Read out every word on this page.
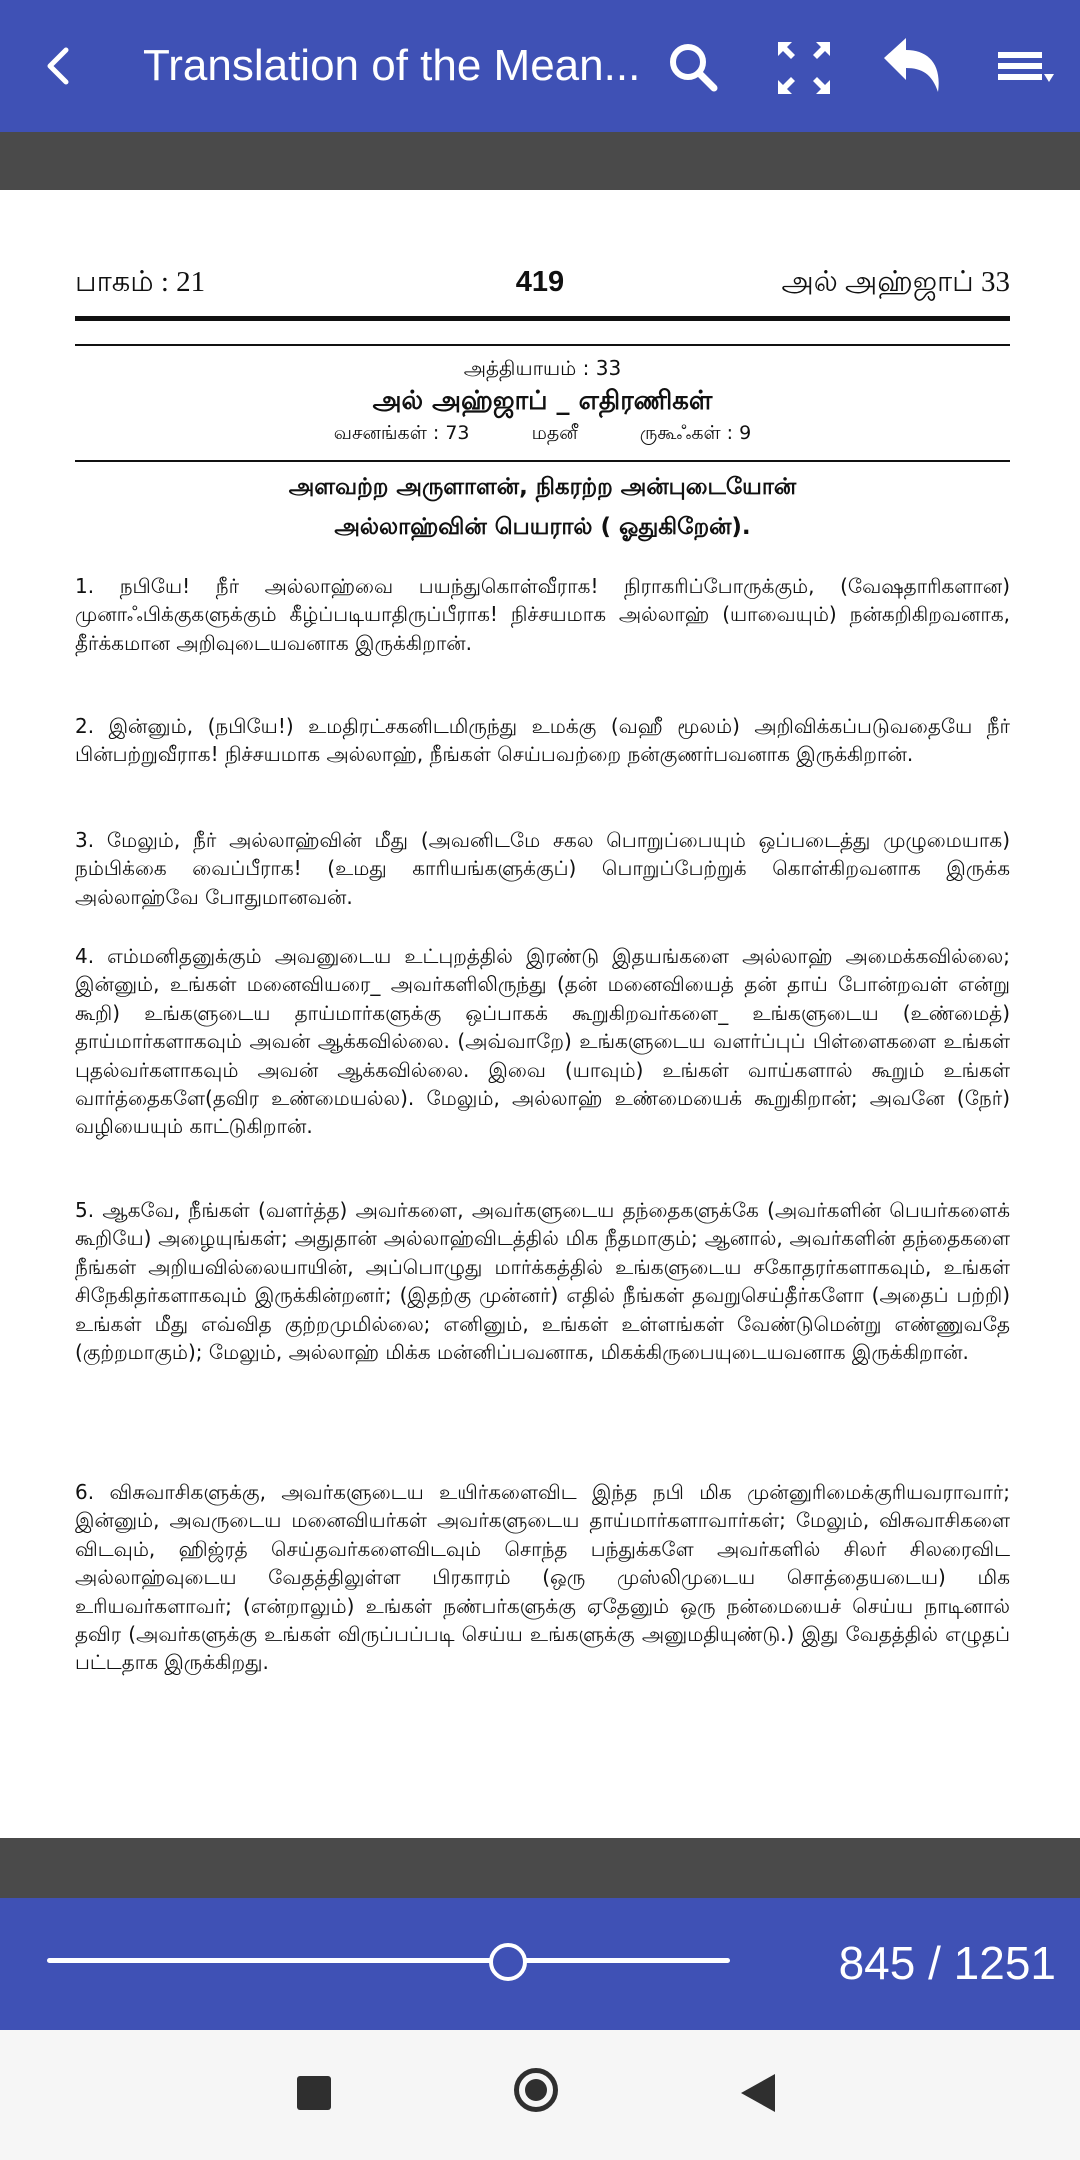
Translation of the Mean...
பாகம் : 21	419	அல் அஹ்ஜாப் 33
அத்தியாயம் : 33
அல் அஹ்ஜாப் _ எதிரணிகள்
வசனங்கள் : 73	மதனீ	ருகூஃகள் : 9
அளவற்ற அருளாளன், நிகரற்ற அன்புடையோன்
அல்லாஹ்வின் பெயரால் ( ஓதுகிறேன்).
1. நபியே! நீர் அல்லாஹ்வை பயந்துகொள்வீராக! நிராகரிப்போருக்கும், (வேஷதாரிகளான) முனாஃபிக்குகளுக்கும் கீழ்ப்படியாதிருப்பீராக! நிச்சயமாக அல்லாஹ் (யாவையும்) நன்கறிகிறவனாக, தீர்க்கமான அறிவுடையவனாக இருக்கிறான்.
2. இன்னும், (நபியே!) உமதிரட்சகனிடமிருந்து உமக்கு (வஹீ மூலம்) அறிவிக்கப்படுவதையே நீர் பின்பற்றுவீராக! நிச்சயமாக அல்லாஹ், நீங்கள் செய்பவற்றை நன்குணர்பவனாக இருக்கிறான்.
3. மேலும், நீர் அல்லாஹ்வின் மீது (அவனிடமே சகல பொறுப்பையும் ஒப்படைத்து முழுமையாக) நம்பிக்கை வைப்பீராக! (உமது காரியங்களுக்குப்) பொறுப்பேற்றுக் கொள்கிறவனாக இருக்க அல்லாஹ்வே போதுமானவன்.
4. எம்மனிதனுக்கும் அவனுடைய உட்புறத்தில் இரண்டு இதயங்களை அல்லாஹ் அமைக்கவில்லை; இன்னும், உங்கள் மனைவியரை_ அவர்களிலிருந்து (தன் மனைவியைத் தன் தாய் போன்றவள் என்று கூறி) உங்களுடைய தாய்மார்களுக்கு ஒப்பாகக் கூறுகிறவர்களை_ உங்களுடைய (உண்மைத்) தாய்மார்களாகவும் அவன் ஆக்கவில்லை. (அவ்வாறே) உங்களுடைய வளர்ப்புப் பிள்ளைகளை உங்கள் புதல்வர்களாகவும் அவன் ஆக்கவில்லை. இவை (யாவும்) உங்கள் வாய்களால் கூறும் உங்கள் வார்த்தைகளே(தவிர உண்மையல்ல). மேலும், அல்லாஹ் உண்மையைக் கூறுகிறான்; அவனே (நேர்) வழியையும் காட்டுகிறான்.
5. ஆகவே, நீங்கள் (வளர்த்த) அவர்களை, அவர்களுடைய தந்தைகளுக்கே (அவர்களின் பெயர்களைக் கூறியே) அழையுங்கள்; அதுதான் அல்லாஹ்விடத்தில் மிக நீதமாகும்; ஆனால், அவர்களின் தந்தைகளை நீங்கள் அறியவில்லையாயின், அப்பொழுது மார்க்கத்தில் உங்களுடைய சகோதரர்களாகவும், உங்கள் சிநேகிதர்களாகவும் இருக்கின்றனர்; (இதற்கு முன்னர்) எதில் நீங்கள் தவறுசெய்தீர்களோ (அதைப் பற்றி) உங்கள் மீது எவ்வித குற்றமுமில்லை; எனினும், உங்கள் உள்ளங்கள் வேண்டுமென்று எண்ணுவதே (குற்றமாகும்); மேலும், அல்லாஹ் மிக்க மன்னிப்பவனாக, மிகக்கிருபையுடையவனாக இருக்கிறான்.
6. விசுவாசிகளுக்கு, அவர்களுடைய உயிர்களைவிட இந்த நபி மிக முன்னுரிமைக்குரியவராவார்; இன்னும், அவருடைய மனைவியர்கள் அவர்களுடைய தாய்மார்களாவார்கள்; மேலும், விசுவாசிகளை விடவும், ஹிஜ்ரத் செய்தவர்களைவிடவும் சொந்த பந்துக்களே அவர்களில் சிலர் சிலரைவிட அல்லாஹ்வுடைய வேதத்திலுள்ள பிரகாரம் (ஒரு முஸ்லிமுடைய சொத்தையடைய) மிக உரியவர்களாவர்; (என்றாலும்) உங்கள் நண்பர்களுக்கு ஏதேனும் ஒரு நன்மையைச் செய்ய நாடினால் தவிர (அவர்களுக்கு உங்கள் விருப்பப்படி செய்ய உங்களுக்கு அனுமதியுண்டு.) இது வேதத்தில் எழுதப் பட்டதாக இருக்கிறது.
845 / 1251
